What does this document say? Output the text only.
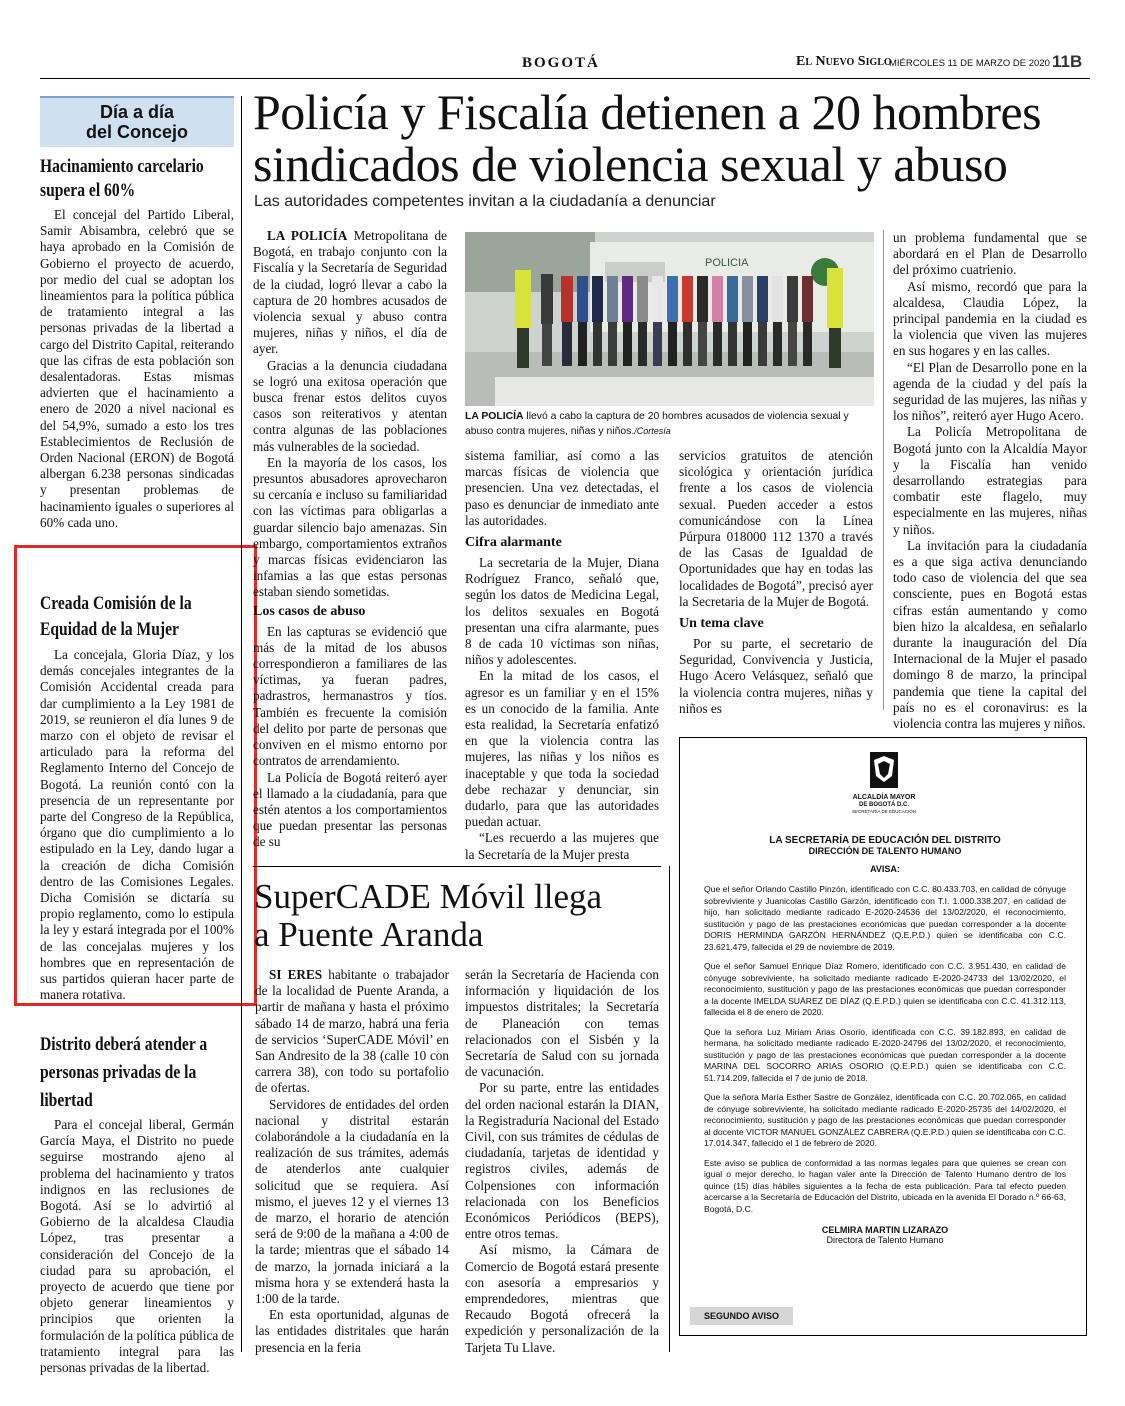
BOGOTÁ	El Nuevo Siglo
MIÉRCOLES 11 DE MARZO DE 2020 11B
Día a día
del Concejo
Hacinamiento carcelario supera el 60%

El concejal del Partido Liberal, Samir Abisambra, celebró que se haya aprobado en la Comisión de Gobierno el proyecto de acuerdo, por medio del cual se adoptan los lineamientos para la política pública de tratamiento integral a las personas privadas de la libertad a cargo del Distrito Capital, reiterando que las cifras de esta población son desalentadoras. Estas mismas advierten que el hacinamiento a enero de 2020 a nivel nacional es del 54,9%, sumado a esto los tres Establecimientos de Reclusión de Orden Nacional (ERON) de Bogotá albergan 6.238 personas sindicadas y presentan problemas de hacinamiento iguales o superiores al 60% cada uno.

Creada Comisión de la Equidad de la Mujer

La concejala, Gloria Díaz, y los demás concejales integrantes de la Comisión Accidental creada para dar cumplimiento a la Ley 1981 de 2019, se reunieron el día lunes 9 de marzo con el objeto de revisar el articulado para la reforma del Reglamento Interno del Concejo de Bogotá. La reunión contó con la presencia de un representante por parte del Congreso de la República, órgano que dio cumplimiento a lo estipulado en la Ley, dando lugar a la creación de dicha Comisión dentro de las Comisiones Legales. Dicha Comisión se dictaría su propio reglamento, como lo estipula la ley y estará integrada por el 100% de las concejalas mujeres y los hombres que en representación de sus partidos quieran hacer parte de manera rotativa.

Distrito deberá atender a personas privadas de la libertad

Para el concejal liberal, Germán García Maya, el Distrito no puede seguirse mostrando ajeno al problema del hacinamiento y tratos indignos en las reclusiones de Bogotá. Así se lo advirtió al Gobierno de la alcaldesa Claudia López, tras presentar a consideración del Concejo de la ciudad para su aprobación, el proyecto de acuerdo que tiene por objeto generar lineamientos y principios que orienten la formulación de la política pública de tratamiento integral para las personas privadas de la libertad.

Policía y Fiscalía detienen a 20 hombres
sindicados de violencia sexual y abuso
Las autoridades competentes invitan a la ciudadanía a denunciar

LA POLICÍA Metropolitana de Bogotá, en trabajo conjunto con la Fiscalía y la Secretaría de Seguridad de la ciudad, logró llevar a cabo la captura de 20 hombres acusados de violencia sexual y abuso contra mujeres, niñas y niños, el día de ayer.

Gracias a la denuncia ciudadana se logró una exitosa operación que busca frenar estos delitos cuyos casos son reiterativos y atentan contra algunas de las poblaciones más vulnerables de la sociedad.

En la mayoría de los casos, los presuntos abusadores aprovecharon su cercanía e incluso su familiaridad con las víctimas para obligarlas a guardar silencio bajo amenazas. Sin embargo, comportamientos extraños y marcas físicas evidenciaron las infamias a las que estas personas estaban siendo sometidas.

Los casos de abuso

En las capturas se evidenció que más de la mitad de los abusos correspondieron a familiares de las víctimas, ya fueran padres, padrastros, hermanastros y tíos. También es frecuente la comisión del delito por parte de personas que conviven en el mismo entorno por contratos de arrendamiento.

La Policía de Bogotá reiteró ayer el llamado a la ciudadanía, para que estén atentos a los comportamientos que puedan presentar las personas de su

POLICIA
LA POLICÍA llevó a cabo la captura de 20 hombres acusados de violencia sexual y abuso contra mujeres, niñas y niños./Cortesía

sistema familiar, así como a las marcas físicas de violencia que presencien. Una vez detectadas, el paso es denunciar de inmediato ante las autoridades.

Cifra alarmante

La secretaria de la Mujer, Diana Rodríguez Franco, señaló que, según los datos de Medicina Legal, los delitos sexuales en Bogotá presentan una cifra alarmante, pues 8 de cada 10 víctimas son niñas, niños y adolescentes.

En la mitad de los casos, el agresor es un familiar y en el 15% es un conocido de la familia. Ante esta realidad, la Secretaría enfatizó en que la violencia contra las mujeres, las niñas y los niños es inaceptable y que toda la sociedad debe rechazar y denunciar, sin dudarlo, para que las autoridades puedan actuar.

“Les recuerdo a las mujeres que la Secretaría de la Mujer presta

servicios gratuitos de atención sicológica y orientación jurídica frente a los casos de violencia sexual. Pueden acceder a estos comunicándose con la Línea Púrpura 018000 112 1370 a través de las Casas de Igualdad de Oportunidades que hay en todas las localidades de Bogotá”, precisó ayer la Secretaria de la Mujer de Bogotá.

Un tema clave

Por su parte, el secretario de Seguridad, Convivencia y Justicia, Hugo Acero Velásquez, señaló que la violencia contra mujeres, niñas y niños es

un problema fundamental que se abordará en el Plan de Desarrollo del próximo cuatrienio.

Así mismo, recordó que para la alcaldesa, Claudia López, la principal pandemia en la ciudad es la violencia que viven las mujeres en sus hogares y en las calles.

“El Plan de Desarrollo pone en la agenda de la ciudad y del país la seguridad de las mujeres, las niñas y los niños”, reiteró ayer Hugo Acero.

La Policía Metropolitana de Bogotá junto con la Alcaldía Mayor y la Fiscalía han venido desarrollando estrategias para combatir este flagelo, muy especialmente en las mujeres, niñas y niños.

La invitación para la ciudadanía es a que siga activa denunciando todo caso de violencia del que sea consciente, pues en Bogotá estas cifras están aumentando y como bien hizo la alcaldesa, en señalarlo durante la inauguración del Día Internacional de la Mujer el pasado domingo 8 de marzo, la principal pandemia que tiene la capital del país no es el coronavirus: es la violencia contra las mujeres y niños.

SuperCADE Móvil llega
a Puente Aranda

SI ERES habitante o trabajador de la localidad de Puente Aranda, a partir de mañana y hasta el próximo sábado 14 de marzo, habrá una feria de servicios ‘SuperCADE Móvil’ en San Andresito de la 38 (calle 10 con carrera 38), con todo su portafolio de ofertas.

Servidores de entidades del orden nacional y distrital estarán colaborándole a la ciudadanía en la realización de sus trámites, además de atenderlos ante cualquier solicitud que se requiera. Así mismo, el jueves 12 y el viernes 13 de marzo, el horario de atención será de 9:00 de la mañana a 4:00 de la tarde; mientras que el sábado 14 de marzo, la jornada iniciará a la misma hora y se extenderá hasta la 1:00 de la tarde.

En esta oportunidad, algunas de las entidades distritales que harán presencia en la feria

serán la Secretaría de Hacienda con información y liquidación de los impuestos distritales; la Secretaría de Planeación con temas relacionados con el Sisbén y la Secretaría de Salud con su jornada de vacunación.

Por su parte, entre las entidades del orden nacional estarán la DIAN, la Registraduría Nacional del Estado Civil, con sus trámites de cédulas de ciudadanía, tarjetas de identidad y registros civiles, además de Colpensiones con información relacionada con los Beneficios Económicos Periódicos (BEPS), entre otros temas.

Así mismo, la Cámara de Comercio de Bogotá estará presente con asesoría a empresarios y emprendedores, mientras que Recaudo Bogotá ofrecerá la expedición y personalización de la Tarjeta Tu Llave.

ALCALDÍA MAYOR
DE BOGOTÁ D.C.
SECRETARÍA DE EDUCACIÓN
LA SECRETARÍA DE EDUCACIÓN DEL DISTRITO
DIRECCIÓN DE TALENTO HUMANO
AVISA:

Que el señor Orlando Castillo Pinzón, identificado con C.C. 80.433.703, en calidad de cónyuge sobreviviente y Juanicolas Castillo Garzón, identificado con T.I. 1.000.338.207, en calidad de hijo, han solicitado mediante radicado E-2020-24536 del 13/02/2020, el reconocimiento, sustitución y pago de las prestaciones económicas que puedan corresponder a la docente DORIS HERMINDA GARZÓN HERNÁNDEZ (Q.E.P.D.) quien se identificaba con C.C. 23.621.479, fallecida el 29 de noviembre de 2019.

Que el señor Samuel Enrique Díaz Romero, identificado con C.C. 3.951.430, en calidad de cónyuge sobreviviente, ha solicitado mediante radicado E-2020-24733 del 13/02/2020, el reconocimiento, sustitución y pago de las prestaciones económicas que puedan corresponder a la docente IMELDA SUÁREZ DE DÍAZ (Q.E.P.D.) quien se identificaba con C.C. 41.312.113, fallecida el 8 de enero de 2020.

Que la señora Luz Miriam Arias Osorio, identificada con C.C. 39.182.893, en calidad de hermana, ha solicitado mediante radicado E-2020-24796 del 13/02/2020, el reconocimiento, sustitución y pago de las prestaciones económicas que puedan corresponder a la docente MARINA DEL SOCORRO ARIAS OSORIO (Q.E.P.D.) quien se identificaba con C.C. 51.714.209, fallecida el 7 de junio de 2018.

Que la señora María Esther Sastre de González, identificada con C.C. 20.702.065, en calidad de cónyuge sobreviviente, ha solicitado mediante radicado E-2020-25735 del 14/02/2020, el reconocimiento, sustitución y pago de las prestaciones económicas que puedan corresponder al docente VICTOR MANUEL GONZÁLEZ CABRERA (Q.E.P.D.) quien se identificaba con C.C. 17.014.347, fallecido el 1 de febrero de 2020.

Este aviso se publica de conformidad a las normas legales para que quienes se crean con igual o mejor derecho, lo hagan valer ante la Dirección de Talento Humano dentro de los quince (15) días hábiles siguientes a la fecha de esta publicación. Para tal efecto pueden acercarse a la Secretaría de Educación del Distrito, ubicada en la avenida El Dorado n.º 66-63, Bogotá, D.C.

CELMIRA MARTIN LIZARAZO
Directora de Talento Humano
SEGUNDO AVISO
